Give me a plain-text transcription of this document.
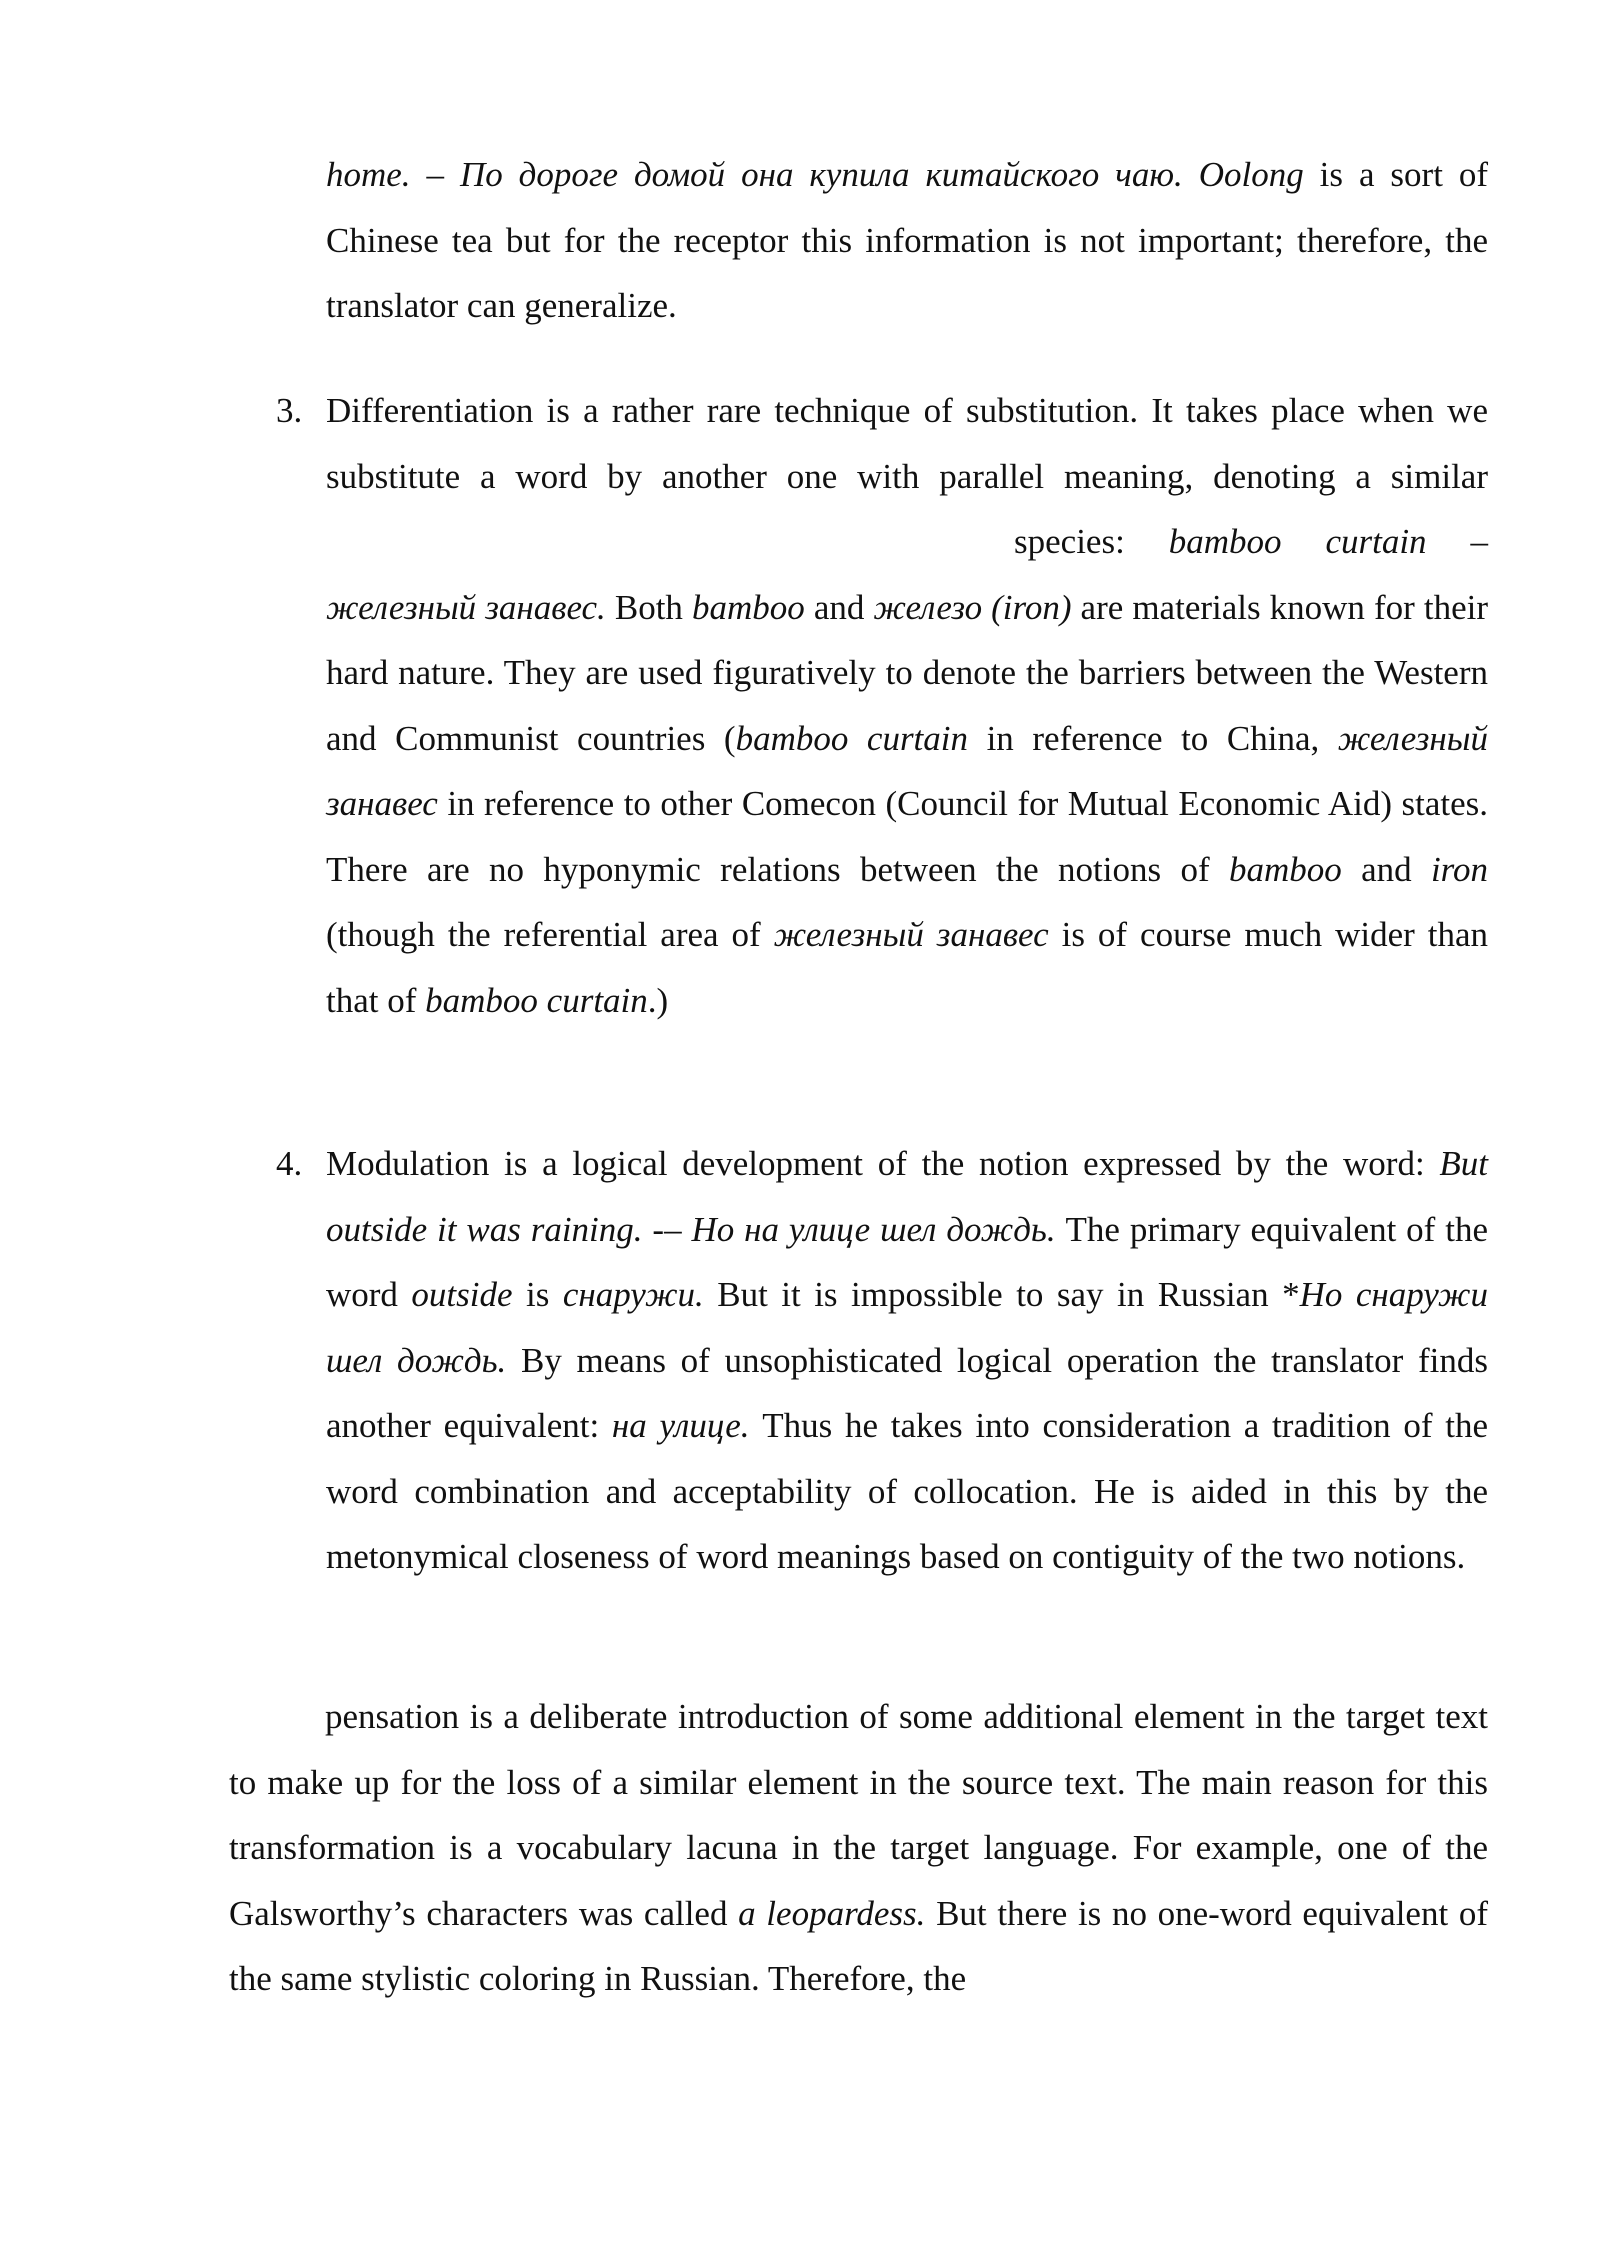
home. – По дороге домой она купила китайского чаю. Oolong is a sort of Chinese tea but for the receptor this information is not important; therefore, the translator can generalize.

3. Differentiation is a rather rare technique of substitution. It takes place when we substitute a word by another one with parallel meaning, denoting a similarspecies: bamboo curtain – железный занавес. Both bamboo and железо (iron) are materials known for their hard nature. They are used figuratively to denote the barriers between the Western and Communist countries (bamboo curtain in reference to China, железный занавес in reference to other Comecon (Council for Mutual Economic Aid) states. There are no hyponymic relations between the notions of bamboo and iron (though the referential area of железный занавес is of course much wider than that of bamboo curtain.)
4. Modulation is a logical development of the notion expressed by the word: But outside it was raining. -– Но на улице шел дождь. The primary equivalent of the word outside is снаружи. But it is impossible to say in Russian *Но снаружи шел дождь. By means of unsophisticated logical operation the translator finds another equivalent: на улице. Thus he takes into consideration a tradition of the word combination and acceptability of collocation. He is aided in this by the metonymical closeness of word meanings based on contiguity of the two notions.

pensation is a deliberate introduction of some additional element in the target text to make up for the loss of a similar element in the source text. The main reason for this transformation is a vocabulary lacuna in the target language. For example, one of the Galsworthy’s characters was called a leopardess. But there is no one-word equivalent of the same stylistic coloring in Russian. Therefore, the
